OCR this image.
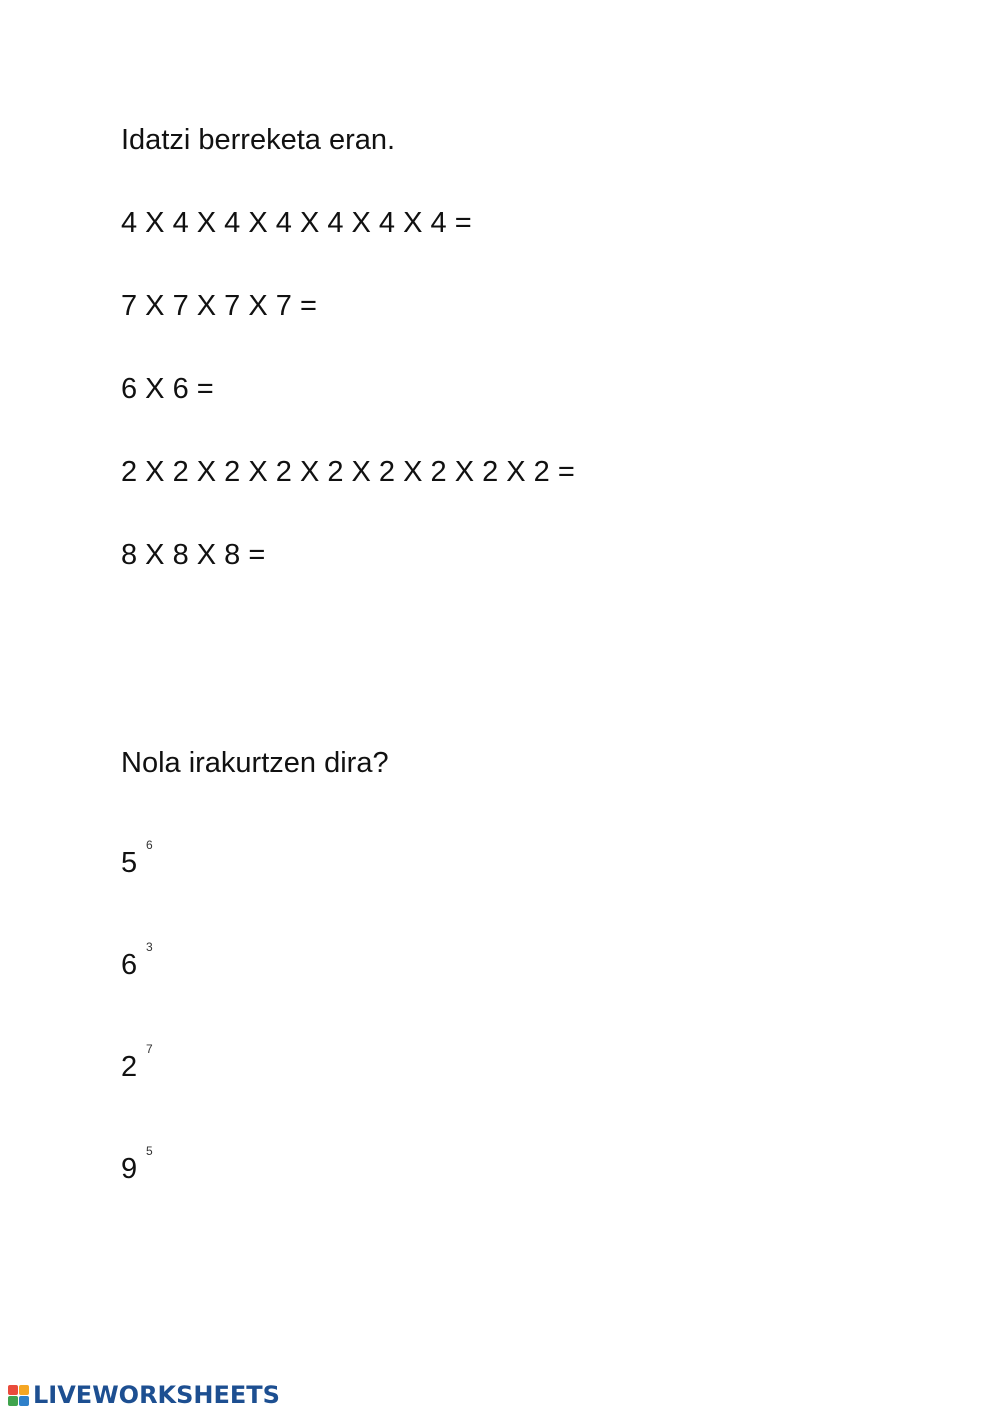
Idatzi berreketa eran.
4 X 4 X 4 X 4 X 4 X 4 X 4 =
7 X 7 X 7 X 7 =
6 X 6 =
2 X 2 X 2 X 2 X 2 X 2 X 2 X 2 X 2 =
8 X 8 X 8 =
Nola irakurtzen dira?
5
6
6
3
2
7
9
5
LIVEWORKSHEETS
